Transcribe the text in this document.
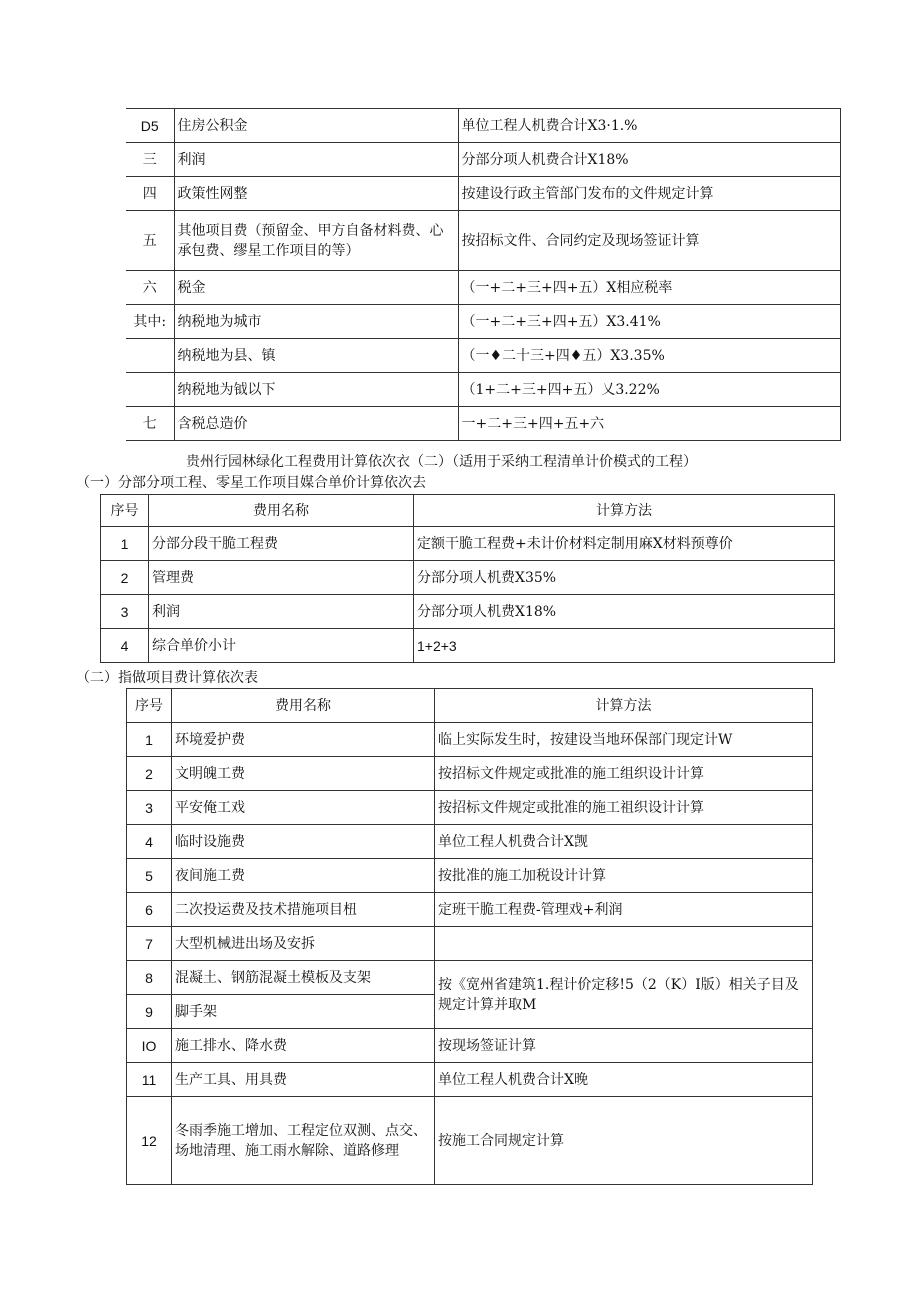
D5	住房公积金	单位工程人机费合计X3·1.%
三	利润	分部分项人机费合计X18%
四	政策性网整	按建设行政主管部门发布的文件规定计算
五	其他项目费（预留金、甲方自备材料费、心承包费、缪星工作项目的等）	按招标文件、合同约定及现场签证计算
六	税金	（一+二+三+四+五）X相应税率
其中:	纳税地为城市	（一+二+三+四+五）X3.41%
	纳税地为县、镇	（一♦二十三+四♦五）X3.35%
	纳税地为钺以下	（1+二+三+四+五）乂3.22%
七	含税总造价	一+二+三+四+五+六
贵州行园林绿化工程费用计算依次衣（二）（适用于采纳工程清单计价模式的工程）
（一）分部分项工程、零星工作项目媒合单价计算依次去
序号	费用名称	计算方法
1	分部分段干脆工程费	定额干脆工程费+未计价材料定制用麻X材料预尊价
2	管理费	分部分项人机费X35%
3	利润	分部分项人机费X18%
4	综合单价小计	1+2+3
（二）指做项目费计算依次表
序号	费用名称	计算方法
1	环境爱护费	临上实际发生时，按建设当地环保部门现定计W
2	文明魄工费	按招标文件规定或批准的施工组织设计计算
3	平安俺工戏	按招标文件规定或批准的施工祖织设计计算
4	临时设施费	单位工程人机费合计X觊
5	夜间施工费	按批准的施工加税设计计算
6	二次投运费及技术措施项目杻	定班干脆工程费-管理戏+利润
7	大型机械进出场及安拆	
8	混凝土、钢筋混凝土模板及支架	按《宽州省建筑1.程计价定移!5（2（K）I版）相关子目及规定计算并取M
9	脚手架	
IO	施工排水、降水费	按现场签证计算
11	生产工具、用具费	单位工程人机费合计X晚
12	冬雨季施工增加、工程定位双测、点交、场地清理、施工雨水解除、道路修理	按施工合同规定计算
